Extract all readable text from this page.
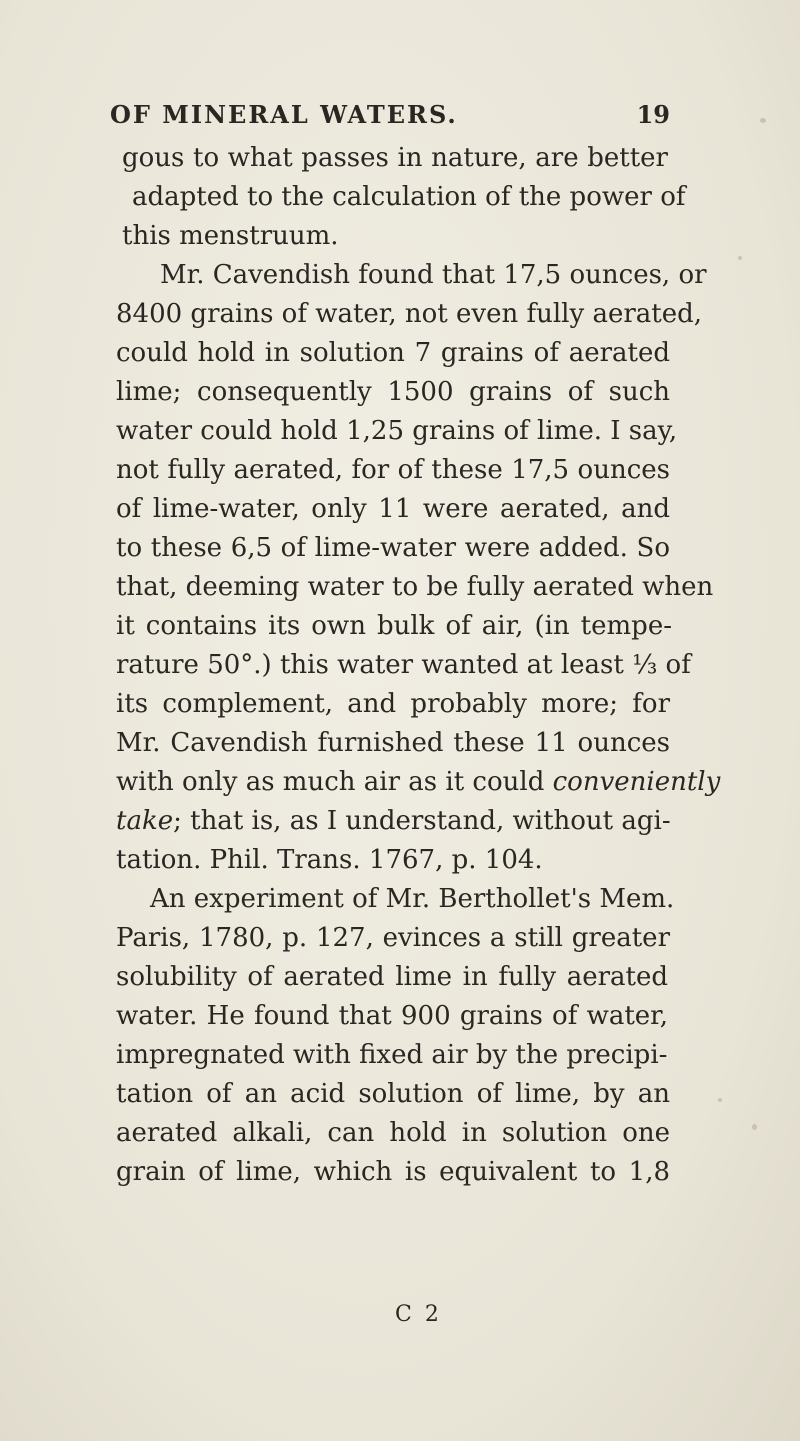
OF MINERAL WATERS.	19
gous to what passes in nature, are better
adapted to the calculation of the power of
this menstruum.
Mr. Cavendish found that 17,5 ounces, or
8400 grains of water, not even fully aerated,
could hold in solution 7 grains of aerated
lime; consequently 1500 grains of such
water could hold 1,25 grains of lime. I say,
not fully aerated, for of these 17,5 ounces
of lime-water, only 11 were aerated, and
to these 6,5 of lime-water were added. So
that, deeming water to be fully aerated when
it contains its own bulk of air, (in tempe-
rature 50°.) this water wanted at least ⅓ of
its complement, and probably more; for
Mr. Cavendish furnished these 11 ounces
with only as much air as it could conveniently
take; that is, as I understand, without agi-
tation. Phil. Trans. 1767, p. 104.
An experiment of Mr. Berthollet's Mem.
Paris, 1780, p. 127, evinces a still greater
solubility of aerated lime in fully aerated
water. He found that 900 grains of water,
impregnated with fixed air by the precipi-
tation of an acid solution of lime, by an
aerated alkali, can hold in solution one
grain of lime, which is equivalent to 1,8
C 2
